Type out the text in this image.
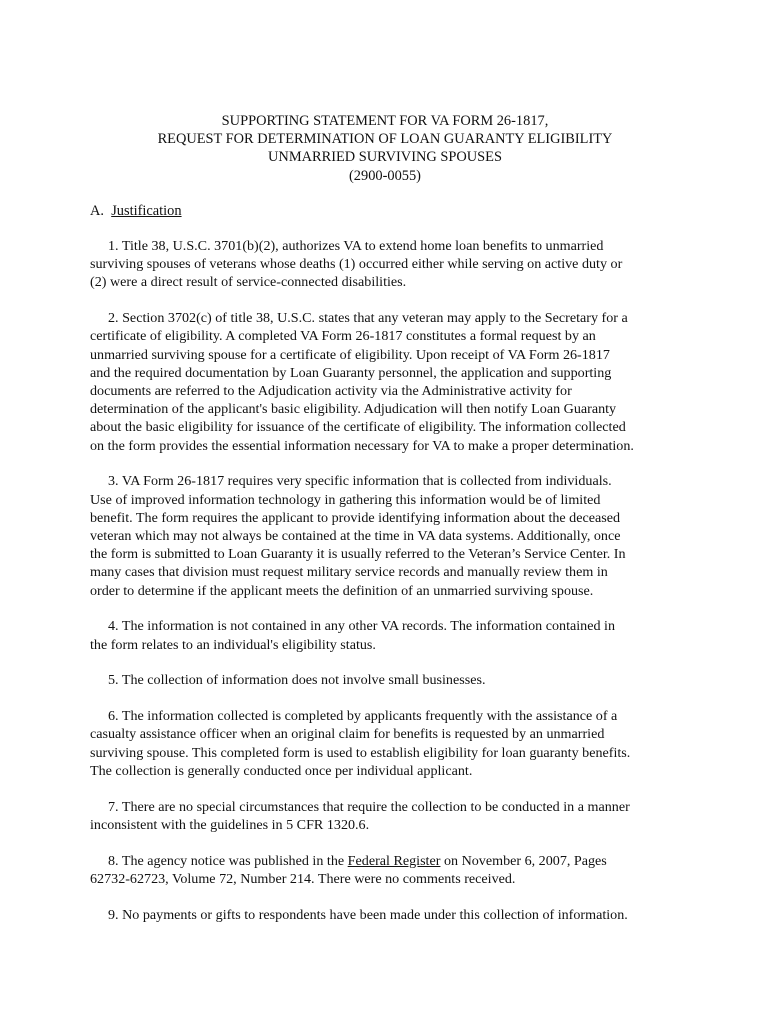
SUPPORTING STATEMENT FOR VA FORM 26-1817,
REQUEST FOR DETERMINATION OF LOAN GUARANTY ELIGIBILITY
UNMARRIED SURVIVING SPOUSES
(2900-0055)
A. Justification
1. Title 38, U.S.C. 3701(b)(2), authorizes VA to extend home loan benefits to unmarried
surviving spouses of veterans whose deaths (1) occurred either while serving on active duty or
(2) were a direct result of service-connected disabilities.
2. Section 3702(c) of title 38, U.S.C. states that any veteran may apply to the Secretary for a
certificate of eligibility. A completed VA Form 26-1817 constitutes a formal request by an
unmarried surviving spouse for a certificate of eligibility. Upon receipt of VA Form 26-1817
and the required documentation by Loan Guaranty personnel, the application and supporting
documents are referred to the Adjudication activity via the Administrative activity for
determination of the applicant's basic eligibility. Adjudication will then notify Loan Guaranty
about the basic eligibility for issuance of the certificate of eligibility. The information collected
on the form provides the essential information necessary for VA to make a proper determination.
3. VA Form 26-1817 requires very specific information that is collected from individuals.
Use of improved information technology in gathering this information would be of limited
benefit. The form requires the applicant to provide identifying information about the deceased
veteran which may not always be contained at the time in VA data systems. Additionally, once
the form is submitted to Loan Guaranty it is usually referred to the Veteran’s Service Center. In
many cases that division must request military service records and manually review them in
order to determine if the applicant meets the definition of an unmarried surviving spouse.
4. The information is not contained in any other VA records. The information contained in
the form relates to an individual's eligibility status.
5. The collection of information does not involve small businesses.
6. The information collected is completed by applicants frequently with the assistance of a
casualty assistance officer when an original claim for benefits is requested by an unmarried
surviving spouse. This completed form is used to establish eligibility for loan guaranty benefits.
The collection is generally conducted once per individual applicant.
7. There are no special circumstances that require the collection to be conducted in a manner
inconsistent with the guidelines in 5 CFR 1320.6.
8. The agency notice was published in the Federal Register on November 6, 2007, Pages
62732-62723, Volume 72, Number 214. There were no comments received.
9. No payments or gifts to respondents have been made under this collection of information.
